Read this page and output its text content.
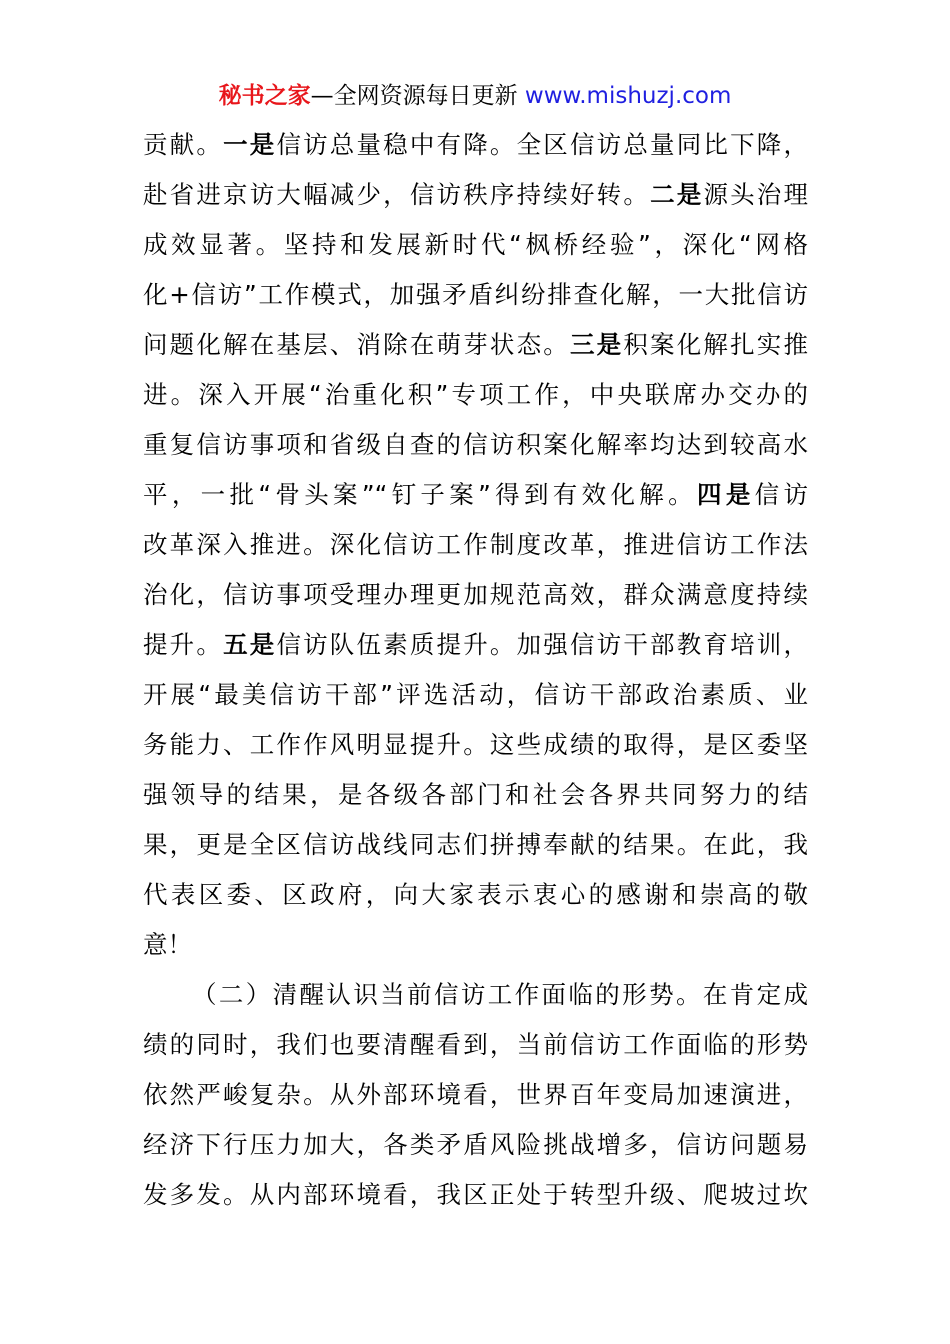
秘书之家—全网资源每日更新 www.mishuzj.com
贡献。一是信访总量稳中有降。全区信访总量同比下降，
赴省进京访大幅减少，信访秩序持续好转。二是源头治理
成效显著。坚持和发展新时代“枫桥经验”，深化“网格
化+信访”工作模式，加强矛盾纠纷排查化解，一大批信访
问题化解在基层、消除在萌芽状态。三是积案化解扎实推
进。深入开展“治重化积”专项工作，中央联席办交办的
重复信访事项和省级自查的信访积案化解率均达到较高水
平，一批“骨头案”“钉子案”得到有效化解。四是信访
改革深入推进。深化信访工作制度改革，推进信访工作法
治化，信访事项受理办理更加规范高效，群众满意度持续
提升。五是信访队伍素质提升。加强信访干部教育培训，
开展“最美信访干部”评选活动，信访干部政治素质、业
务能力、工作作风明显提升。这些成绩的取得，是区委坚
强领导的结果，是各级各部门和社会各界共同努力的结
果，更是全区信访战线同志们拼搏奉献的结果。在此，我
代表区委、区政府，向大家表示衷心的感谢和崇高的敬
意！
（二）清醒认识当前信访工作面临的形势。在肯定成
绩的同时，我们也要清醒看到，当前信访工作面临的形势
依然严峻复杂。从外部环境看，世界百年变局加速演进，
经济下行压力加大，各类矛盾风险挑战增多，信访问题易
发多发。从内部环境看，我区正处于转型升级、爬坡过坎
